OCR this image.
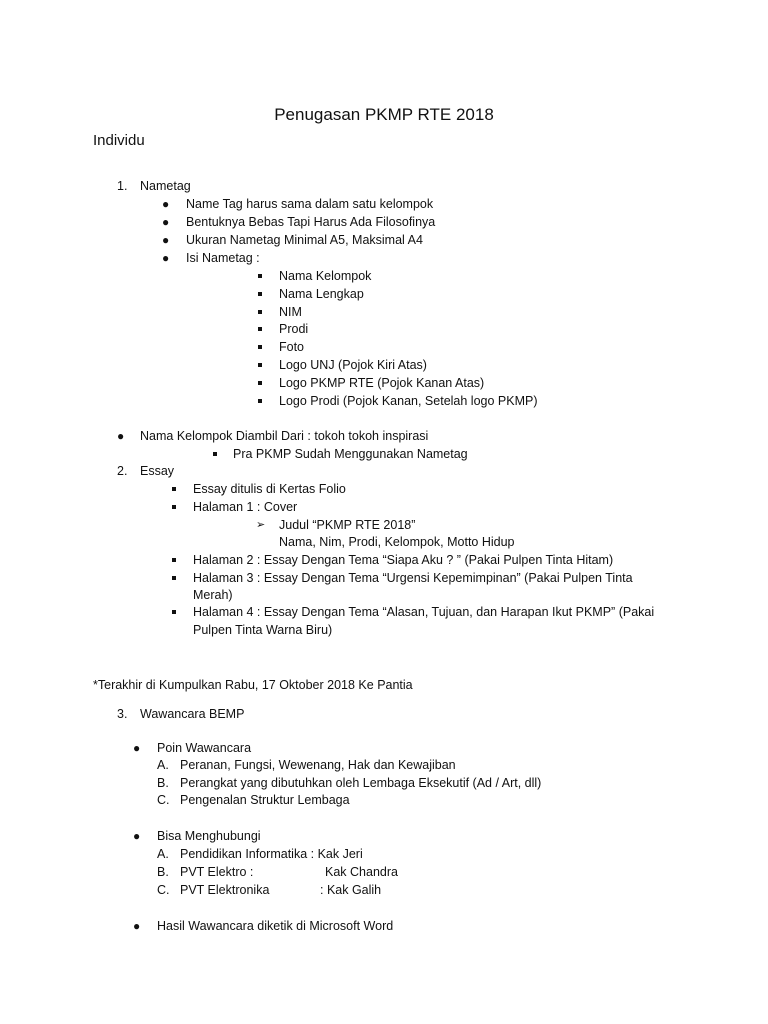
Penugasan PKMP RTE 2018
Individu
1. Nametag
● Name Tag harus sama dalam satu kelompok
● Bentuknya Bebas Tapi Harus Ada Filosofinya
● Ukuran Nametag Minimal A5, Maksimal A4
● Isi Nametag :
Nama Kelompok
Nama Lengkap
NIM
Prodi
Foto
Logo UNJ (Pojok Kiri Atas)
Logo PKMP RTE (Pojok Kanan Atas)
Logo Prodi (Pojok Kanan, Setelah logo PKMP)
● Nama Kelompok Diambil Dari : tokoh tokoh inspirasi
Pra PKMP Sudah Menggunakan Nametag
2. Essay
Essay ditulis di Kertas Folio
Halaman 1 : Cover
➢ Judul “PKMP RTE 2018”
Nama, Nim, Prodi, Kelompok, Motto Hidup
Halaman 2 : Essay Dengan Tema “Siapa Aku ? ” (Pakai Pulpen Tinta Hitam)
Halaman 3 : Essay Dengan Tema “Urgensi Kepemimpinan” (Pakai Pulpen Tinta
Merah)
Halaman 4 : Essay Dengan Tema “Alasan, Tujuan, dan Harapan Ikut PKMP” (Pakai
Pulpen Tinta Warna Biru)
*Terakhir di Kumpulkan Rabu, 17 Oktober 2018 Ke Pantia
3. Wawancara BEMP
● Poin Wawancara
A. Peranan, Fungsi, Wewenang, Hak dan Kewajiban
B. Perangkat yang dibutuhkan oleh Lembaga Eksekutif (Ad / Art, dll)
C. Pengenalan Struktur Lembaga
● Bisa Menghubungi
A. Pendidikan Informatika : Kak Jeri
B. PVT Elektro :	Kak Chandra
C. PVT Elektronika	: Kak Galih
● Hasil Wawancara diketik di Microsoft Word
